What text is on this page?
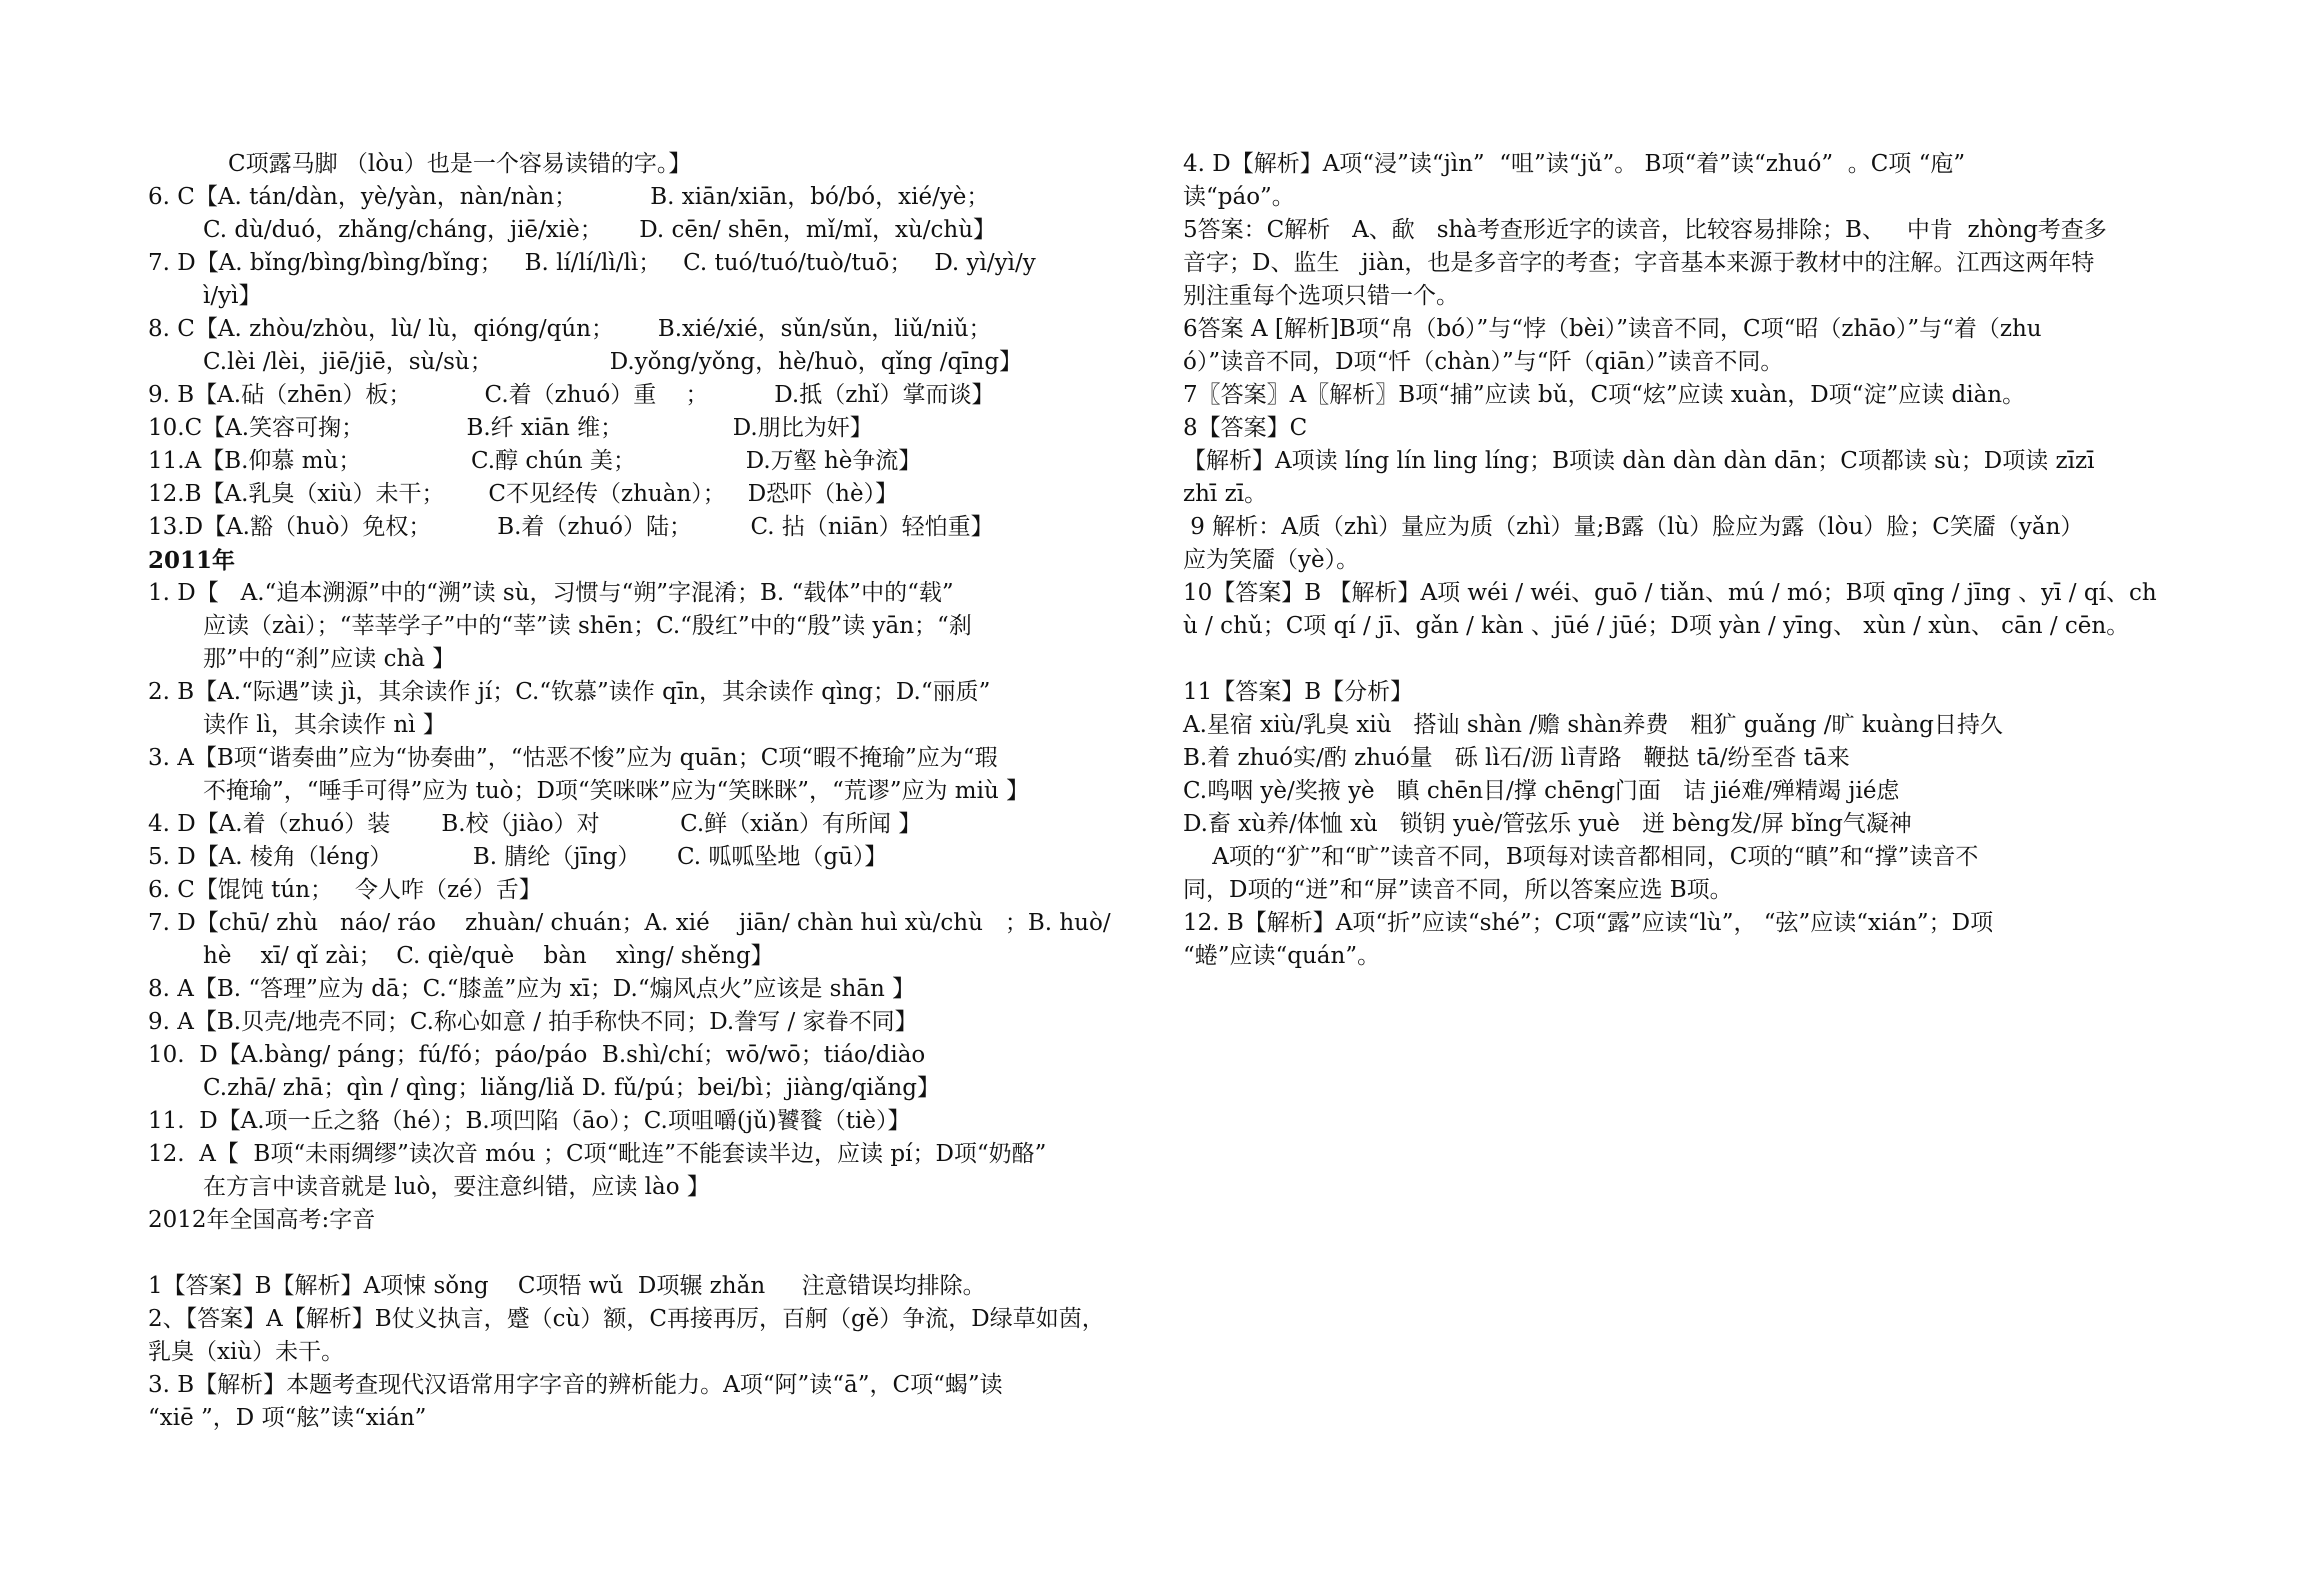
C项露马脚 （lòu）也是一个容易读错的字。】
6. C【A. tán/dàn，yè/yàn，nàn/nàn；          B. xiān/xiān，bó/bó，xié/yè；
C. dù/duó，zhǎng/cháng，jiē/xiè；     D. cēn/ shēn，mǐ/mǐ，xù/chù】
7. D【A. bǐng/bìng/bìng/bǐng；   B. lí/lí/lì/lì；   C. tuó/tuó/tuò/tuō；   D. yì/yì/y
ì/yì】
8. C【A. zhòu/zhòu，lù/ lù，qióng/qún；      B.xié/xié，sǔn/sǔn，liǔ/niǔ；
C.lèi /lèi，jiē/jiē，sù/sù；                D.yǒng/yǒng，hè/huò，qǐng /qīng】
9. B【A.砧（zhēn）板；          C.着（zhuó）重    ；         D.抵（zhǐ）掌而谈】
10.C【A.笑容可掬；              B.纤 xiān 维；               D.朋比为奸】
11.A【B.仰慕 mù；               C.醇 chún 美；               D.万壑 hè争流】
12.B【A.乳臭（xiù）未干；      C不见经传（zhuàn）；   D恐吓（hè）】
13.D【A.豁（huò）免权；         B.着（zhuó）陆；        C. 拈（niān）轻怕重】
2011年
1. D【   A.“追本溯源”中的“溯”读 sù，习惯与“朔”字混淆；B. “载体”中的“载”
应读（zài）；“莘莘学子”中的“莘”读 shēn；C.“殷红”中的“殷”读 yān；“刹
那”中的“刹”应读 chà 】
2. B【A.“际遇”读 jì，其余读作 jí；C.“钦慕”读作 qīn，其余读作 qìng；D.“丽质”
读作 lì，其余读作 nì 】
3. A【B项“谐奏曲”应为“协奏曲”，“怙恶不悛”应为 quān；C项“暇不掩瑜”应为“瑕
不掩瑜”，“唾手可得”应为 tuò；D项“笑咪咪”应为“笑眯眯”，“荒谬”应为 miù 】
4. D【A.着（zhuó）装       B.校（jiào）对           C.鲜（xiǎn）有所闻 】
5. D【A. 棱角（léng）           B. 腈纶（jīng）     C. 呱呱坠地（gū）】
6. C【馄饨 tún；   令人咋（zé）舌】
7. D【chū/ zhù   náo/ ráo    zhuàn/ chuán；A. xié    jiān/ chàn huì xù/chù   ；B. huò/
hè    xī/ qǐ zài；  C. qiè/què    bàn    xìng/ shěng】
8. A【B. “答理”应为 dā；C.“膝盖”应为 xī；D.“煽风点火”应该是 shān 】
9. A【B.贝壳/地壳不同；C.称心如意 / 拍手称快不同；D.誊写 / 家眷不同】
10.  D【A.bàng/ páng；fú/fó；páo/páo  B.shì/chí；wō/wō；tiáo/diào
C.zhā/ zhā；qìn / qìng；liǎng/liǎ D. fǔ/pú；bei/bì；jiàng/qiǎng】
11.  D【A.项一丘之貉（hé）；B.项凹陷（āo）；C.项咀嚼(jǔ)饕餮（tiè）】
12.  A【  B项“未雨绸缪”读次音 móu ；C项“毗连”不能套读半边，应读 pí；D项“奶酪”
在方言中读音就是 luò，要注意纠错，应读 lào 】
2012年全国高考:字音
1【答案】B【解析】A项悚 sǒng    C项牾 wǔ  D项辗 zhǎn     注意错误均排除。
2、【答案】A【解析】B仗义执言，蹙（cù）额，C再接再厉，百舸（gě）争流，D绿草如茵，
乳臭（xiù）未干。
3. B【解析】本题考查现代汉语常用字字音的辨析能力。A项“阿”读“ā”，C项“蝎”读
“xiē ”，D 项“舷”读“xián”
4. D【解析】A项“浸”读“jìn”  “咀”读“jǔ”。 B项“着”读“zhuó”  。C项 “庖”
读“páo”。
5答案：C解析   A、歃   shà考查形近字的读音，比较容易排除；B、   中肯  zhòng考查多
音字；D、监生   jiàn，也是多音字的考查；字音基本来源于教材中的注解。江西这两年特
别注重每个选项只错一个。
6答案 A [解析]B项“帛（bó）”与“悖（bèi）”读音不同，C项“昭（zhāo）”与“着（zhu
ó）”读音不同，D项“忏（chàn）”与“阡（qiān）”读音不同。
7〖答案〗A〖解析〗B项“捕”应读 bǔ，C项“炫”应读 xuàn，D项“淀”应读 diàn。
8【答案】C
【解析】A项读 líng lín ling líng；B项读 dàn dàn dàn dān；C项都读 sù；D项读 zīzī
zhī zī。
9 解析：A质（zhì）量应为质（zhì）量;B露（lù）脸应为露（lòu）脸；C笑靥（yǎn）
应为笑靥（yè）。
10【答案】B 【解析】A项 wéi / wéi、guō / tiǎn、mú / mó；B项 qīng / jīng 、yī / qí、ch
ù / chǔ；C项 qí / jī、gǎn / kàn 、jūé / jūé；D项 yàn / yīng、 xùn / xùn、 cān / cēn。
11【答案】B【分析】
A.星宿 xiù/乳臭 xiù   搭讪 shàn /赡 shàn养费   粗犷 guǎng /旷 kuàng日持久
B.着 zhuó实/酌 zhuó量   砾 lì石/沥 lì青路   鞭挞 tā/纷至沓 tā来
C.鸣咽 yè/奖掖 yè   瞋 chēn目/撑 chēng门面   诘 jié难/殚精竭 jié虑
D.畜 xù养/体恤 xù   锁钥 yuè/管弦乐 yuè   迸 bèng发/屏 bǐng气凝神
A项的“犷”和“旷”读音不同，B项每对读音都相同，C项的“瞋”和“撑”读音不
同，D项的“迸”和“屏”读音不同，所以答案应选 B项。
12. B【解析】A项“折”应读“shé”；C项“露”应读“lù”， “弦”应读“xián”；D项
“蜷”应读“quán”。
